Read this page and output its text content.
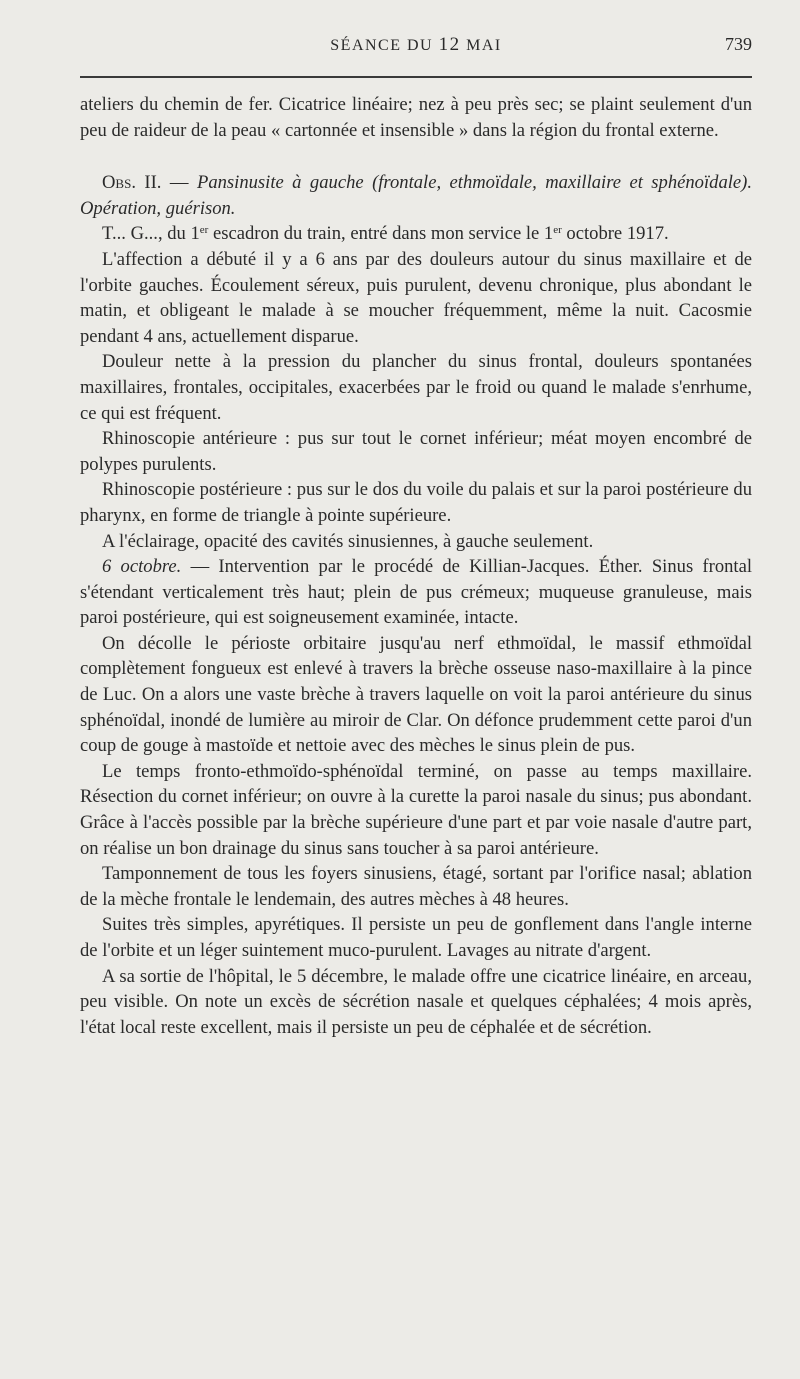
SÉANCE DU 12 MAI	739

ateliers du chemin de fer. Cicatrice linéaire; nez à peu près sec; se plaint seulement d'un peu de raideur de la peau « cartonnée et insensible » dans la région du frontal externe.

Obs. II. — Pansinusite à gauche (frontale, ethmoïdale, maxillaire et sphénoïdale). Opération, guérison.

T... G..., du 1er escadron du train, entré dans mon service le 1er octobre 1917.

L'affection a débuté il y a 6 ans par des douleurs autour du sinus maxillaire et de l'orbite gauches. Écoulement séreux, puis purulent, devenu chronique, plus abondant le matin, et obligeant le malade à se moucher fréquemment, même la nuit. Cacosmie pendant 4 ans, actuellement disparue.

Douleur nette à la pression du plancher du sinus frontal, douleurs spontanées maxillaires, frontales, occipitales, exacerbées par le froid ou quand le malade s'enrhume, ce qui est fréquent.

Rhinoscopie antérieure : pus sur tout le cornet inférieur; méat moyen encombré de polypes purulents.

Rhinoscopie postérieure : pus sur le dos du voile du palais et sur la paroi postérieure du pharynx, en forme de triangle à pointe supérieure.

A l'éclairage, opacité des cavités sinusiennes, à gauche seulement.

6 octobre. — Intervention par le procédé de Killian-Jacques. Éther. Sinus frontal s'étendant verticalement très haut; plein de pus crémeux; muqueuse granuleuse, mais paroi postérieure, qui est soigneusement examinée, intacte.

On décolle le périoste orbitaire jusqu'au nerf ethmoïdal, le massif ethmoïdal complètement fongueux est enlevé à travers la brèche osseuse naso-maxillaire à la pince de Luc. On a alors une vaste brèche à travers laquelle on voit la paroi antérieure du sinus sphénoïdal, inondé de lumière au miroir de Clar. On défonce prudemment cette paroi d'un coup de gouge à mastoïde et nettoie avec des mèches le sinus plein de pus.

Le temps fronto-ethmoïdo-sphénoïdal terminé, on passe au temps maxillaire. Résection du cornet inférieur; on ouvre à la curette la paroi nasale du sinus; pus abondant. Grâce à l'accès possible par la brèche supérieure d'une part et par voie nasale d'autre part, on réalise un bon drainage du sinus sans toucher à sa paroi antérieure.

Tamponnement de tous les foyers sinusiens, étagé, sortant par l'orifice nasal; ablation de la mèche frontale le lendemain, des autres mèches à 48 heures.

Suites très simples, apyrétiques. Il persiste un peu de gonflement dans l'angle interne de l'orbite et un léger suintement muco-purulent. Lavages au nitrate d'argent.

A sa sortie de l'hôpital, le 5 décembre, le malade offre une cicatrice linéaire, en arceau, peu visible. On note un excès de sécrétion nasale et quelques céphalées; 4 mois après, l'état local reste excellent, mais il persiste un peu de céphalée et de sécrétion.
